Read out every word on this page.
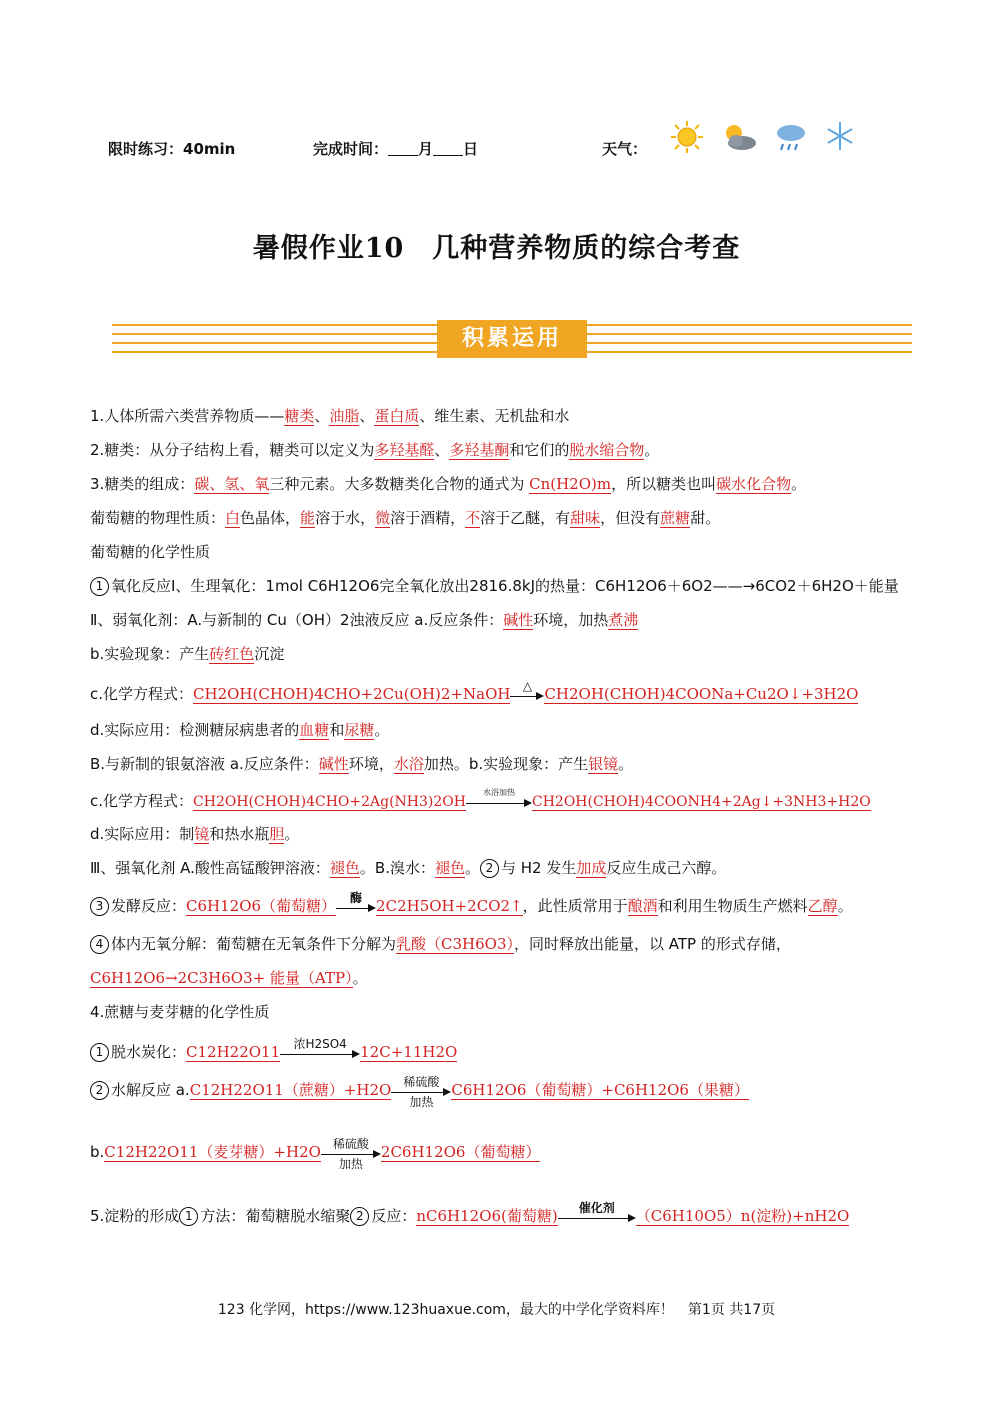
限时练习：40min	完成时间： 月 日	天气：
暑假作业10　几种营养物质的综合考查
积累运用
1.人体所需六类营养物质——糖类、油脂、蛋白质、维生素、无机盐和水
2.糖类：从分子结构上看，糖类可以定义为多羟基醛、多羟基酮和它们的脱水缩合物。
3.糖类的组成：碳、氢、氧三种元素。大多数糖类化合物的通式为 Cn(H2O)m，所以糖类也叫碳水化合物。
葡萄糖的物理性质：白色晶体，能溶于水，微溶于酒精，不溶于乙醚，有甜味，但没有蔗糖甜。
葡萄糖的化学性质
1 氧化反应Ⅰ、生理氧化：1mol C6H12O6完全氧化放出2816.8kJ的热量：C6H12O6＋6O2——→6CO2＋6H2O＋能量
Ⅱ、弱氧化剂：A.与新制的 Cu（OH）2浊液反应 a.反应条件：碱性环境，加热煮沸
b.实验现象：产生砖红色沉淀
c.化学方程式：CH2OH(CHOH)4CHO+2Cu(OH)2+NaOH	△ CH2OH(CHOH)4COONa+Cu2O↓+3H2O
d.实际应用：检测糖尿病患者的血糖和尿糖。
B.与新制的银氨溶液 a.反应条件：碱性环境，水浴加热。b.实验现象：产生银镜。
c.化学方程式：CH2OH(CHOH)4CHO+2Ag(NH3)2OH
水浴加热
CH2OH(CHOH)4COONH4+2Ag↓+3NH3+H2O
d.实际应用：制镜和热水瓶胆。
Ⅲ、强氧化剂 A.酸性高锰酸钾溶液：褪色。B.溴水：褪色。 2 与 H2 发生加成反应生成己六醇。
3 发酵反应：C6H12O6（葡萄糖）	酶 2C2H5OH+2CO2↑，此性质常用于酿酒和利用生物质生产燃料乙醇。
4 体内无氧分解：葡萄糖在无氧条件下分解为乳酸（C3H6O3），同时释放出能量，以 ATP 的形式存储，
C6H12O6→2C3H6O3+ 能量（ATP）。
4.蔗糖与麦芽糖的化学性质
1 脱水炭化：C12H22O11	浓H2SO4 12C+11H2O
2 水解反应 a.C12H22O11（蔗糖）+H2O 稀硫酸
加热
C6H12O6（葡萄糖）+C6H12O6（果糖）
b.C12H22O11（麦芽糖）+H2O 稀硫酸
加热
2C6H12O6（葡萄糖）
5.淀粉的形成 1 方法：葡萄糖脱水缩聚 2 反应：nC6H12O6(葡萄糖)	催化剂	（C6H10O5）n(淀粉)+nH2O
123 化学网，https://www.123huaxue.com，最大的中学化学资料库！　第1页 共17页
